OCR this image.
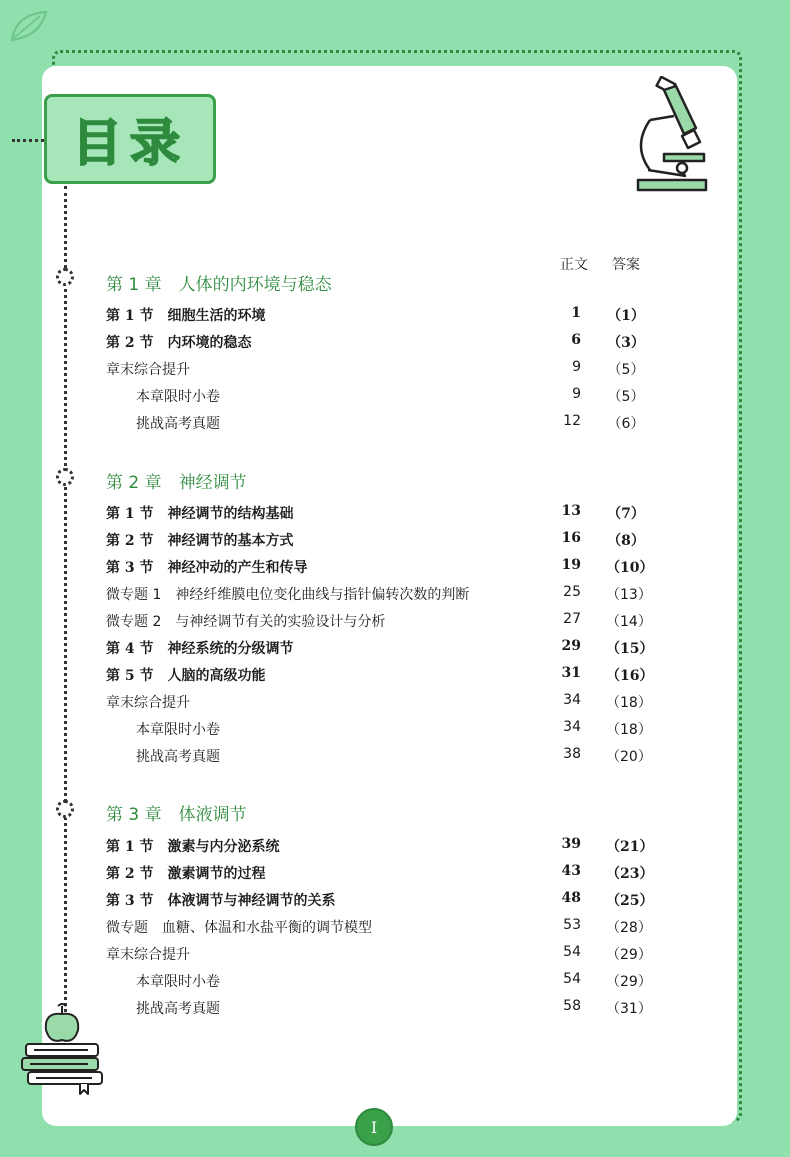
目录
正文 答案
第 1 章　人体的内环境与稳态
第 1 节　细胞生活的环境	1 （1）
第 2 节　内环境的稳态	6 （3）
章末综合提升	9 （5）
本章限时小卷	9 （5）
挑战高考真题	12 （6）
第 2 章　神经调节
第 1 节　神经调节的结构基础	13 （7）
第 2 节　神经调节的基本方式	16 （8）
第 3 节　神经冲动的产生和传导	19 （10）
微专题 1　神经纤维膜电位变化曲线与指针偏转次数的判断	25 （13）
微专题 2　与神经调节有关的实验设计与分析	27 （14）
第 4 节　神经系统的分级调节	29 （15）
第 5 节　人脑的高级功能	31 （16）
章末综合提升	34 （18）
本章限时小卷	34 （18）
挑战高考真题	38 （20）
第 3 章　体液调节
第 1 节　激素与内分泌系统	39 （21）
第 2 节　激素调节的过程	43 （23）
第 3 节　体液调节与神经调节的关系	48 （25）
微专题　血糖、体温和水盐平衡的调节模型	53 （28）
章末综合提升	54 （29）
本章限时小卷	54 （29）
挑战高考真题	58 （31）
I
